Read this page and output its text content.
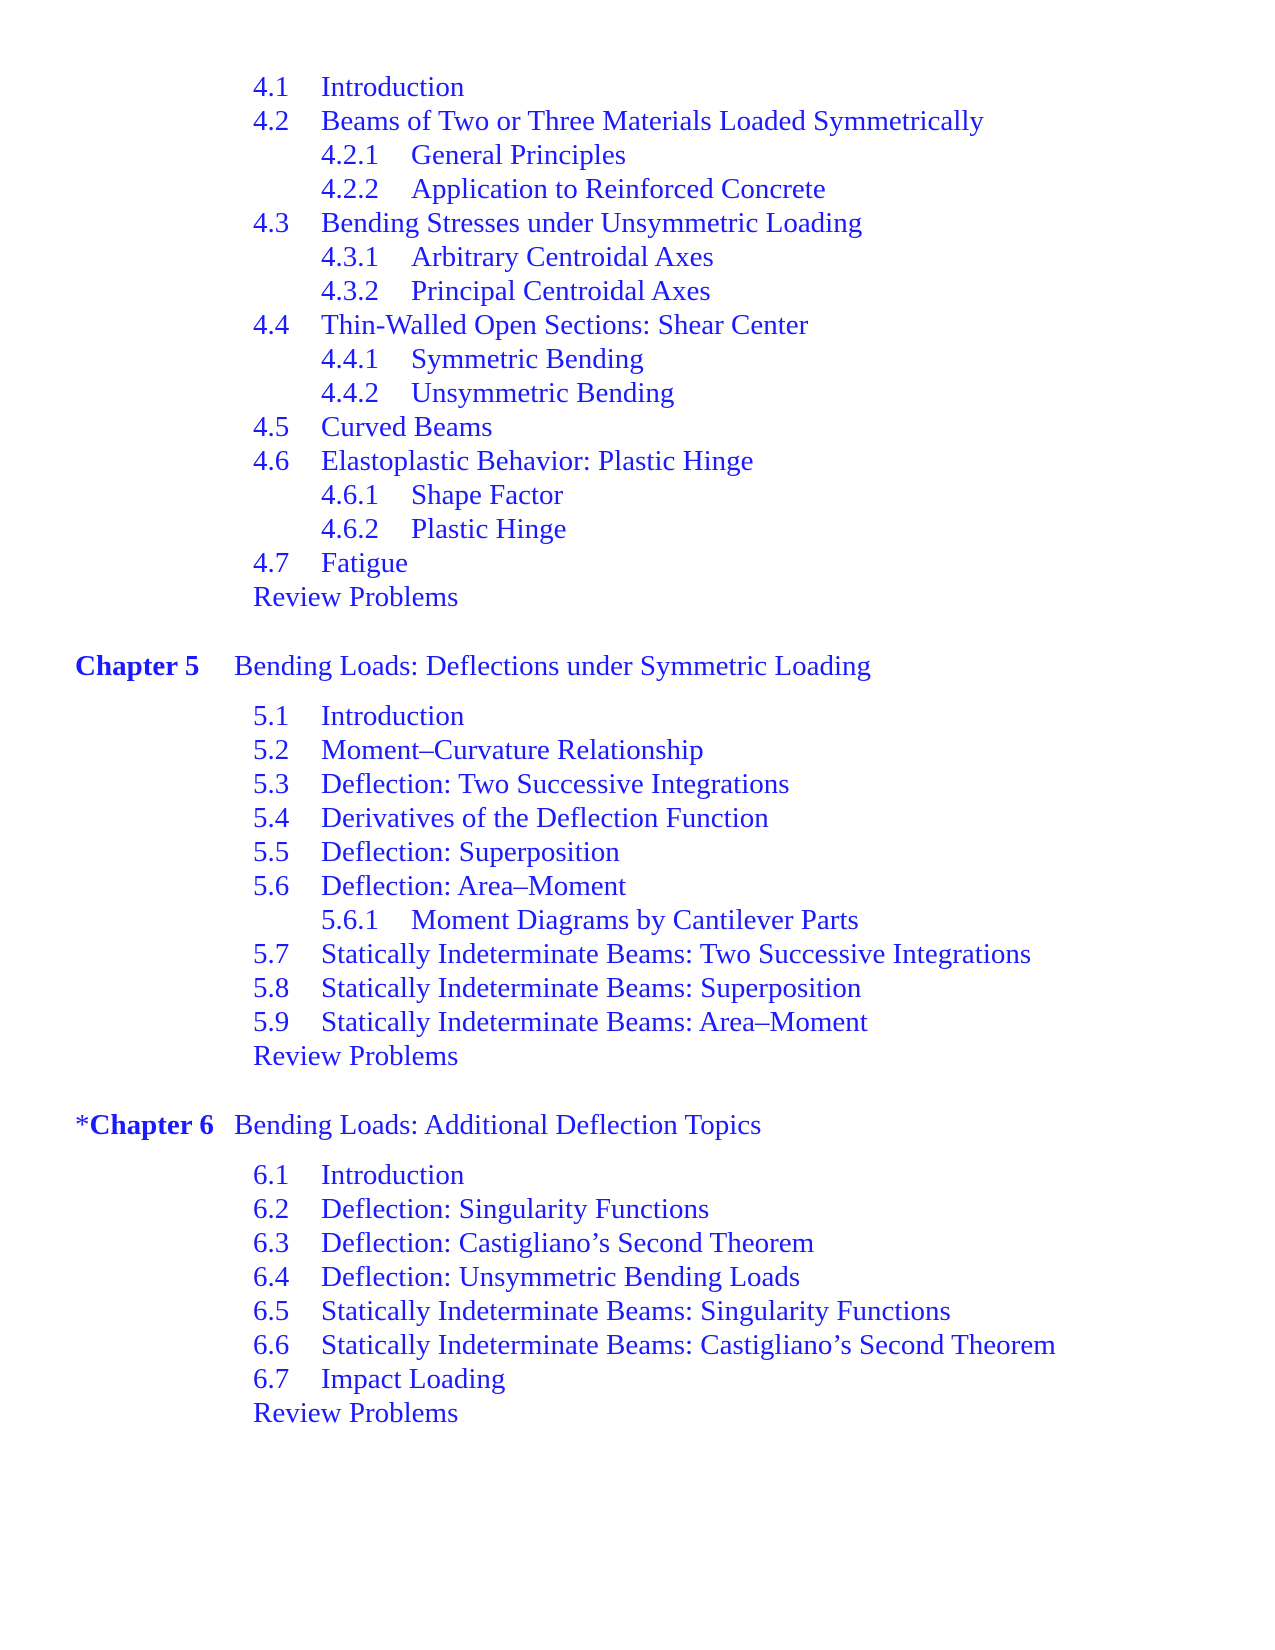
4.1 Introduction
4.2 Beams of Two or Three Materials Loaded Symmetrically
4.2.1 General Principles
4.2.2 Application to Reinforced Concrete
4.3 Bending Stresses under Unsymmetric Loading
4.3.1 Arbitrary Centroidal Axes
4.3.2 Principal Centroidal Axes
4.4 Thin-Walled Open Sections: Shear Center
4.4.1 Symmetric Bending
4.4.2 Unsymmetric Bending
4.5 Curved Beams
4.6 Elastoplastic Behavior: Plastic Hinge
4.6.1 Shape Factor
4.6.2 Plastic Hinge
4.7 Fatigue
Review Problems
Chapter 5 Bending Loads: Deflections under Symmetric Loading
5.1 Introduction
5.2 Moment–Curvature Relationship
5.3 Deflection: Two Successive Integrations
5.4 Derivatives of the Deflection Function
5.5 Deflection: Superposition
5.6 Deflection: Area–Moment
5.6.1 Moment Diagrams by Cantilever Parts
5.7 Statically Indeterminate Beams: Two Successive Integrations
5.8 Statically Indeterminate Beams: Superposition
5.9 Statically Indeterminate Beams: Area–Moment
Review Problems
*Chapter 6 Bending Loads: Additional Deflection Topics
6.1 Introduction
6.2 Deflection: Singularity Functions
6.3 Deflection: Castigliano’s Second Theorem
6.4 Deflection: Unsymmetric Bending Loads
6.5 Statically Indeterminate Beams: Singularity Functions
6.6 Statically Indeterminate Beams: Castigliano’s Second Theorem
6.7 Impact Loading
Review Problems
